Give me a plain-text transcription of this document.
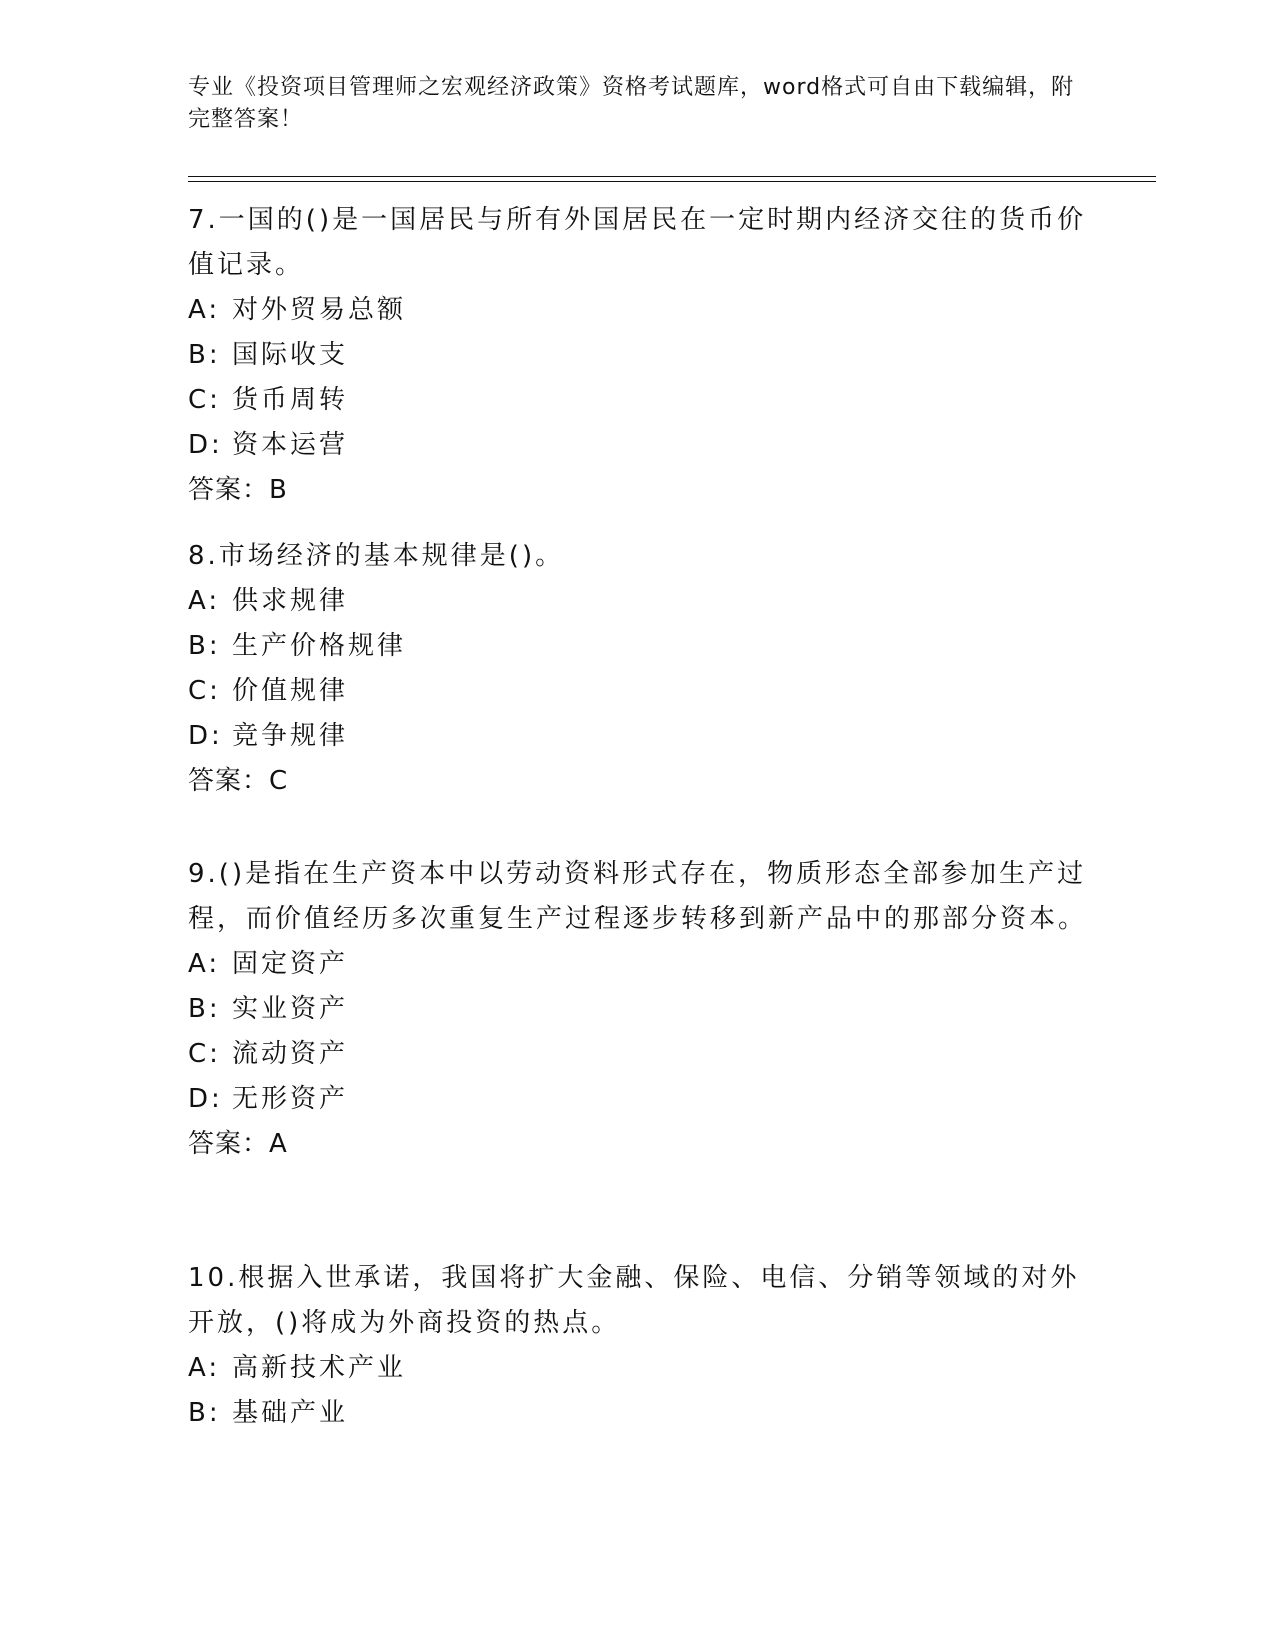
专业《投资项目管理师之宏观经济政策》资格考试题库，word格式可自由下载编辑，附完整答案！
7.一国的()是一国居民与所有外国居民在一定时期内经济交往的货币价值记录。
A: 对外贸易总额
B: 国际收支
C: 货币周转
D: 资本运营
答案：B
8.市场经济的基本规律是()。
A: 供求规律
B: 生产价格规律
C: 价值规律
D: 竞争规律
答案：C
9.()是指在生产资本中以劳动资料形式存在，物质形态全部参加生产过程，而价值经历多次重复生产过程逐步转移到新产品中的那部分资本。
A: 固定资产
B: 实业资产
C: 流动资产
D: 无形资产
答案：A
10.根据入世承诺，我国将扩大金融、保险、电信、分销等领域的对外开放，()将成为外商投资的热点。
A: 高新技术产业
B: 基础产业
